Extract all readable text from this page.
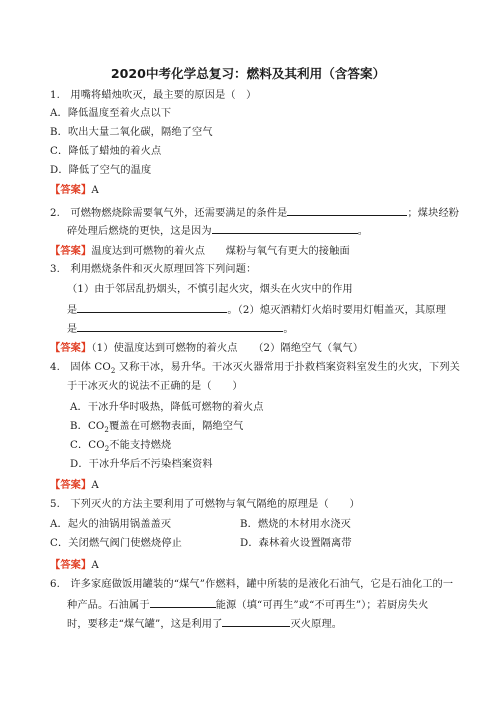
2020中考化学总复习：燃料及其利用（含答案）
1.　用嘴将蜡烛吹灭，最主要的原因是（　）
A．降低温度至着火点以下
B．吹出大量二氧化碳，隔绝了空气
C．降低了蜡烛的着火点
D．降低了空气的温度
【答案】A
2.　可燃物燃烧除需要氧气外，还需要满足的条件是	；煤块经粉
碎处理后燃烧的更快，这是因为	。
【答案】温度达到可燃物的着火点　　煤粉与氧气有更大的接触面
3.　利用燃烧条件和灭火原理回答下列问题：
（1）由于邻居乱扔烟头，不慎引起火灾，烟头在火灾中的作用
是	。（2）熄灭酒精灯火焰时要用灯帽盖灭，其原理
是	。
【答案】（1）使温度达到可燃物的着火点　　（2）隔绝空气（氧气）
4.　固体 $CO_2$ 又称干冰，易升华。干冰灭火器常用于扑救档案资料室发生的火灾，下列关
于干冰灭火的说法不正确的是（　　）
A．干冰升华时吸热，降低可燃物的着火点
B．$CO_2$覆盖在可燃物表面，隔绝空气
C．$CO_2$不能支持燃烧
D．干冰升华后不污染档案资料
【答案】A
5.　下列灭火的方法主要利用了可燃物与氧气隔绝的原理是（　　）
A．起火的油锅用锅盖盖灭	B．燃烧的木材用水浇灭
C．关闭燃气阀门使燃烧停止	D．森林着火设置隔离带
【答案】A
6.　许多家庭做饭用罐装的“煤气”作燃料，罐中所装的是液化石油气，它是石油化工的一
种产品。石油属于	能源（填“可再生”或“不可再生”）；若厨房失火
时，要移走“煤气罐”，这是利用了	灭火原理。
